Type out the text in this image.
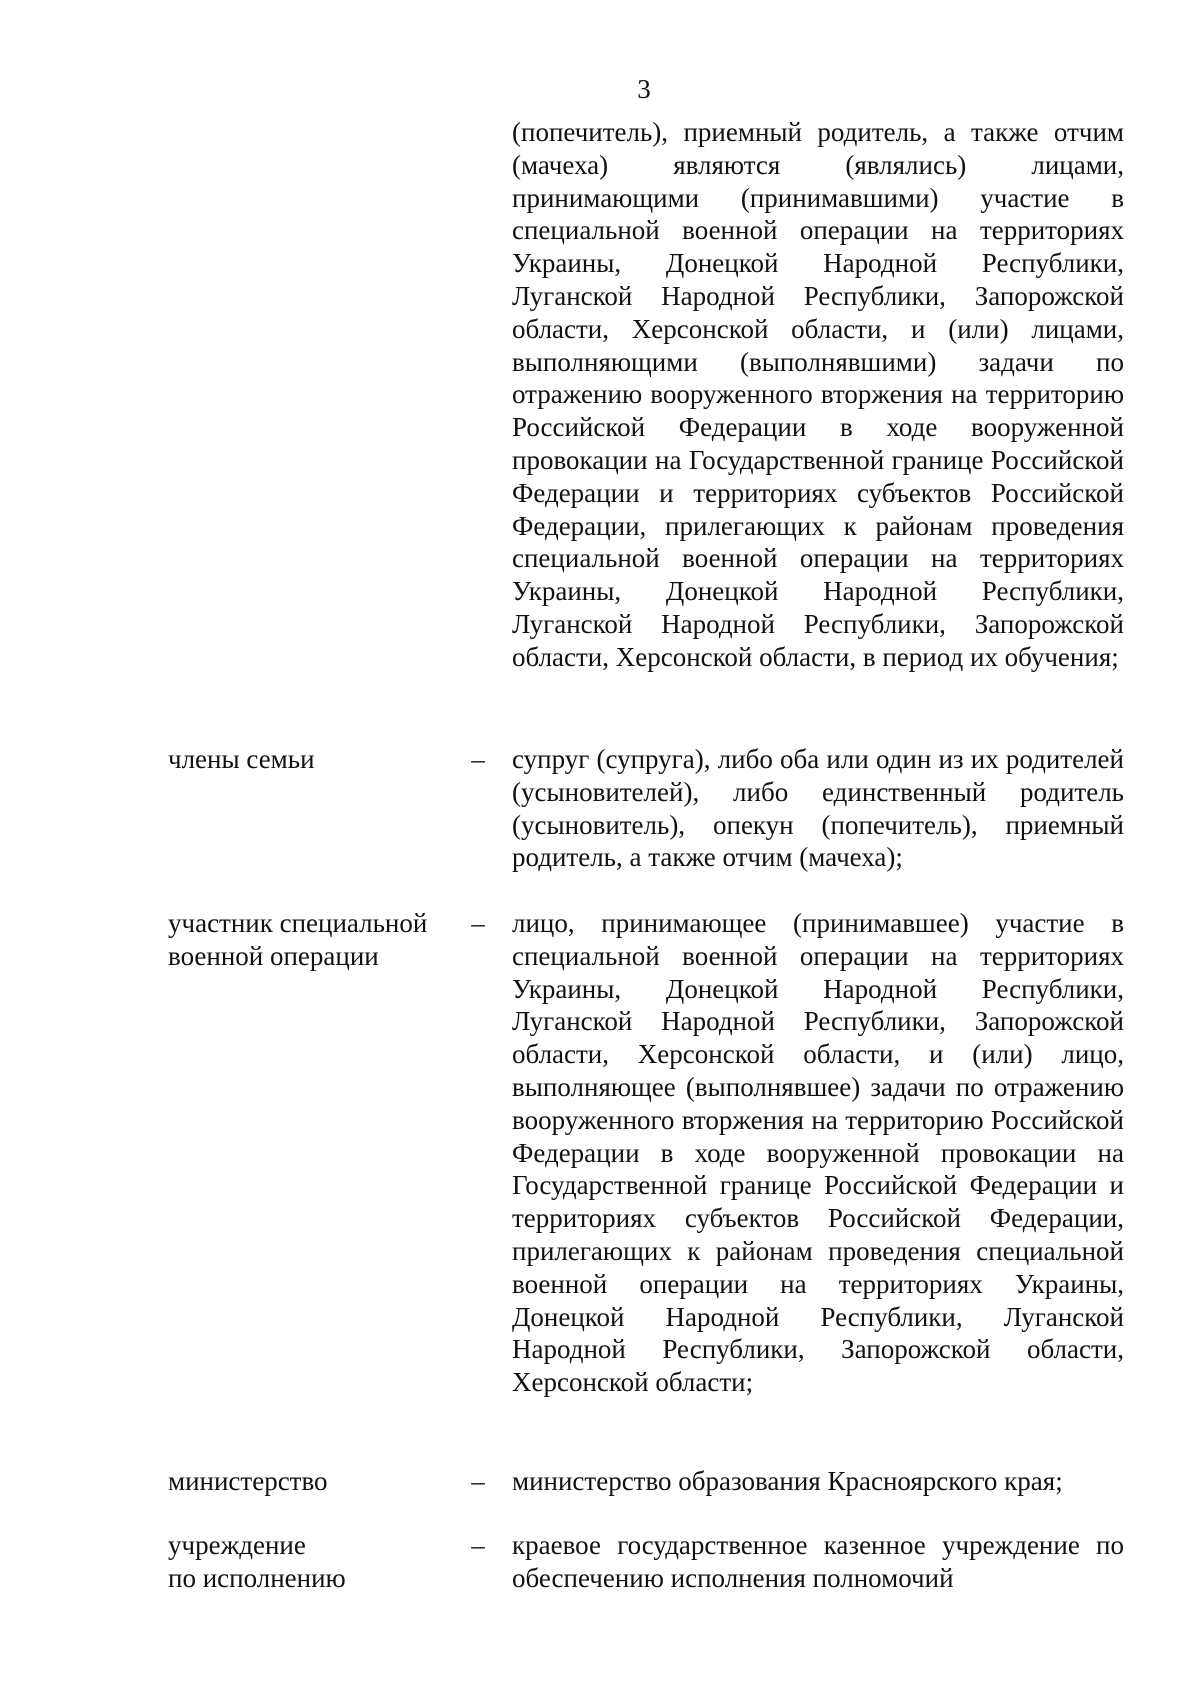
3
(попечитель), приемный родитель, а также отчим (мачеха) являются (являлись) лицами, принимающими (принимавшими) участие в специальной военной операции на территориях Украины, Донецкой Народной Республики, Луганской Народной Республики, Запорожской области, Херсонской области, и (или) лицами, выполняющими (выполнявшими) задачи по отражению вооруженного вторжения на территорию Российской Федерации в ходе вооруженной провокации на Государственной границе Российской Федерации и территориях субъектов Российской Федерации, прилегающих к районам проведения специальной военной операции на территориях Украины, Донецкой Народной Республики, Луганской Народной Республики, Запорожской области, Херсонской области, в период их обучения;
члены семьи	– супруг (супруга), либо оба или один из их родителей (усыновителей), либо единственный родитель (усыновитель), опекун (попечитель), приемный родитель, а также отчим (мачеха);
участник специальной
военной операции
– лицо, принимающее (принимавшее) участие в специальной военной операции на территориях Украины, Донецкой Народной Республики, Луганской Народной Республики, Запорожской области, Херсонской области, и (или) лицо, выполняющее (выполнявшее) задачи по отражению вооруженного вторжения на территорию Российской Федерации в ходе вооруженной провокации на Государственной границе Российской Федерации и территориях субъектов Российской Федерации, прилегающих к районам проведения специальной военной операции на территориях Украины, Донецкой Народной Республики, Луганской Народной Республики, Запорожской области, Херсонской области;
министерство	– министерство образования Красноярского края;
учреждение
по исполнению
– краевое государственное казенное учреждение по обеспечению исполнения полномочий
